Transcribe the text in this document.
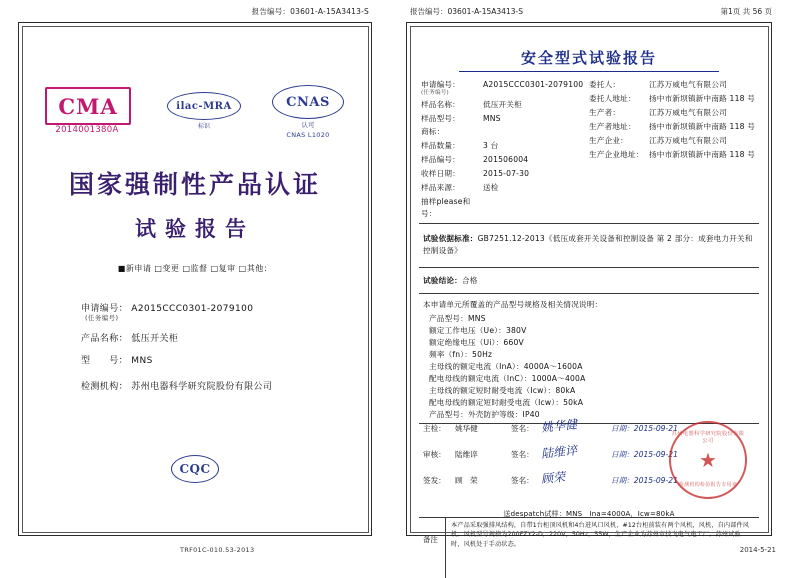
报告编号：03601-A-15A3413-S
CMA
2014001380A
ilac-MRA
标识
CNAS
认可
CNAS L1020
国家强制性产品认证
试验报告
■新申请 □变更 □监督 □复审 □其他：
申请编号： A2015CCC0301-2079100
(任务编号)
产品名称： 低压开关柜
型　　号： MNS
检测机构： 苏州电器科学研究院股份有限公司
CQC
报告编号：03601-A-15A3413-S	第1页 共 56 页
安全型式试验报告
申请编号：
(任务编号)
A2015CCC0301-2079100
样品名称：	低压开关柜
样品型号：	MNS
商标：
样品数量：	3 台
样品编号：	201506004
收样日期：	2015-07-30
样品来源：	送检
抽样please和号：
委托人：	江苏万威电气有限公司
委托人地址：	扬中市新坝镇新中南路 118 号
生产者：	江苏万威电气有限公司
生产者地址：	扬中市新坝镇新中南路 118 号
生产企业：	江苏万威电气有限公司
生产企业地址： 扬中市新坝镇新中南路 118 号
试验依据标准：GB7251.12-2013《低压成套开关设备和控制设备 第 2 部分：成套电力开关和控制设备》
试验结论：合格
本申请单元所覆盖的产品型号规格及相关情况说明：
产品型号：MNS
额定工作电压（Ue）：380V
额定绝缘电压（Ui）：660V
频率（fn）：50Hz
主母线的额定电流（InA）：4000A～1600A
配电母线的额定电流（InC）：1000A～400A
主母线的额定短时耐受电流（Icw）：80kA
配电母线的额定短时耐受电流（Icw）：50kA
产品型号：外壳防护等级：IP40
主检： 姚华健	签名： 姚华健	日期：2015-09-21
审核： 陆维谇	签名： 陆维谇	日期：2015-09-21
签发： 顾　荣	签名： 顾荣	日期：2015-09-21
苏州电器科学研究院股份有限公司
★
检测机构检验报告专用章
送despatch试样：MNS　Inа=4000A，Icw=80kA
备注
本产品采取强排风结构，自带1台柜顶风机和4台进风口风机，#12台柜前装有两个风机，风机，自内部件风机。风机型号规格为200FZY2-D，220V，50Hz，55W，生产企业为苏州市技飞电气电工厂。苏州试验时，风机处于手动状态。
TRF01C-010.53-2013	2014-5-21
